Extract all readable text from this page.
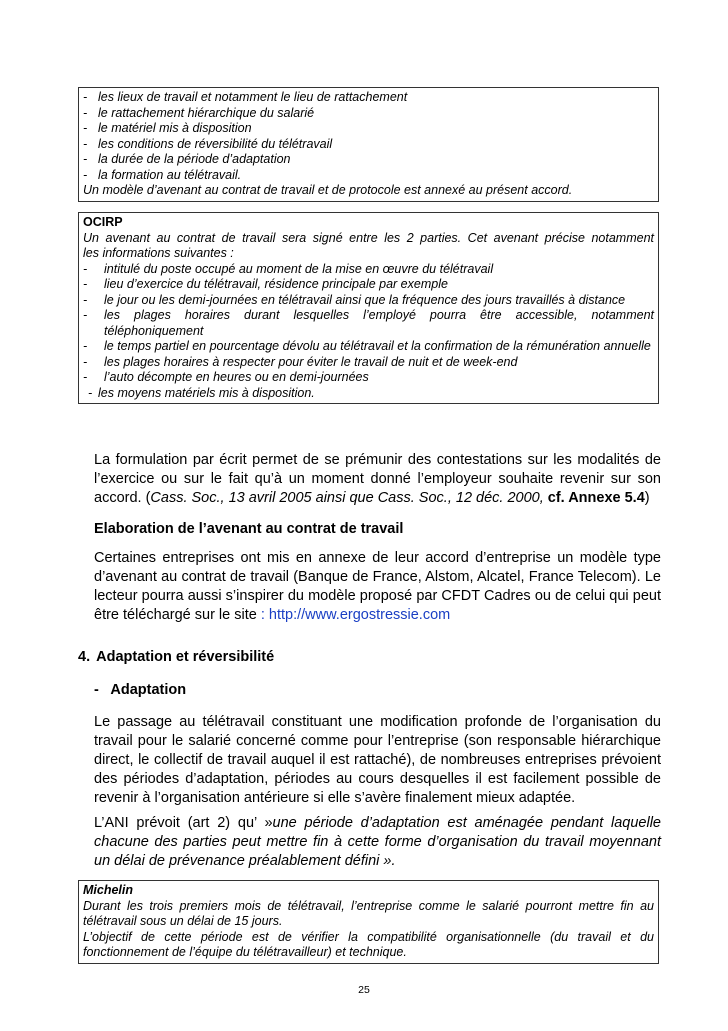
- les lieux de travail et notamment le lieu de rattachement
- le rattachement hiérarchique du salarié
- le matériel mis à disposition
- les conditions de réversibilité du télétravail
- la durée de la période d’adaptation
- la formation au télétravail.
Un modèle d’avenant au contrat de travail et de protocole est annexé au présent accord.
OCIRP
Un avenant au contrat de travail sera signé entre les 2 parties. Cet avenant précise notamment
les informations suivantes :
- intitulé du poste occupé au moment de la mise en œuvre du télétravail
- lieu d’exercice du télétravail, résidence principale par exemple
- le jour ou les demi-journées en télétravail ainsi que la fréquence des jours travaillés à distance
- les plages horaires durant lesquelles l’employé pourra être accessible, notamment téléphoniquement
- le temps partiel en pourcentage dévolu au télétravail et la confirmation de la rémunération annuelle
- les plages horaires à respecter pour éviter le travail de nuit et de week-end
- l’auto décompte en heures ou en demi-journées
- les moyens matériels mis à disposition.
La formulation par écrit permet de se prémunir des contestations sur les modalités de l’exercice ou sur le fait qu’à un moment donné l’employeur souhaite revenir sur son accord. (Cass. Soc., 13 avril 2005 ainsi que Cass. Soc., 12 déc. 2000, cf. Annexe 5.4)
Elaboration de l’avenant au contrat de travail
Certaines entreprises ont mis en annexe de leur accord d’entreprise un modèle type d’avenant au contrat de travail (Banque de France, Alstom, Alcatel, France Telecom). Le lecteur pourra aussi s’inspirer du modèle proposé par CFDT Cadres ou de celui qui peut être téléchargé sur le site : http://www.ergostressie.com
4. Adaptation et réversibilité
-   Adaptation
Le passage au télétravail constituant une modification profonde de l’organisation du travail pour le salarié concerné comme pour l’entreprise (son responsable hiérarchique direct, le collectif de travail auquel il est rattaché), de nombreuses entreprises prévoient des périodes d’adaptation, périodes au cours desquelles il est facilement possible de revenir à l’organisation antérieure si elle s’avère finalement mieux adaptée.
L’ANI prévoit (art 2) qu’ »une période d’adaptation est aménagée pendant laquelle chacune des parties peut mettre fin à cette forme d’organisation du travail moyennant un délai de prévenance préalablement défini ».
Michelin
Durant les trois premiers mois de télétravail, l’entreprise comme le salarié pourront mettre fin au télétravail sous un délai de 15 jours.
L’objectif de cette période est de vérifier la compatibilité organisationnelle (du travail et du fonctionnement de l’équipe du télétravailleur) et technique.
25
